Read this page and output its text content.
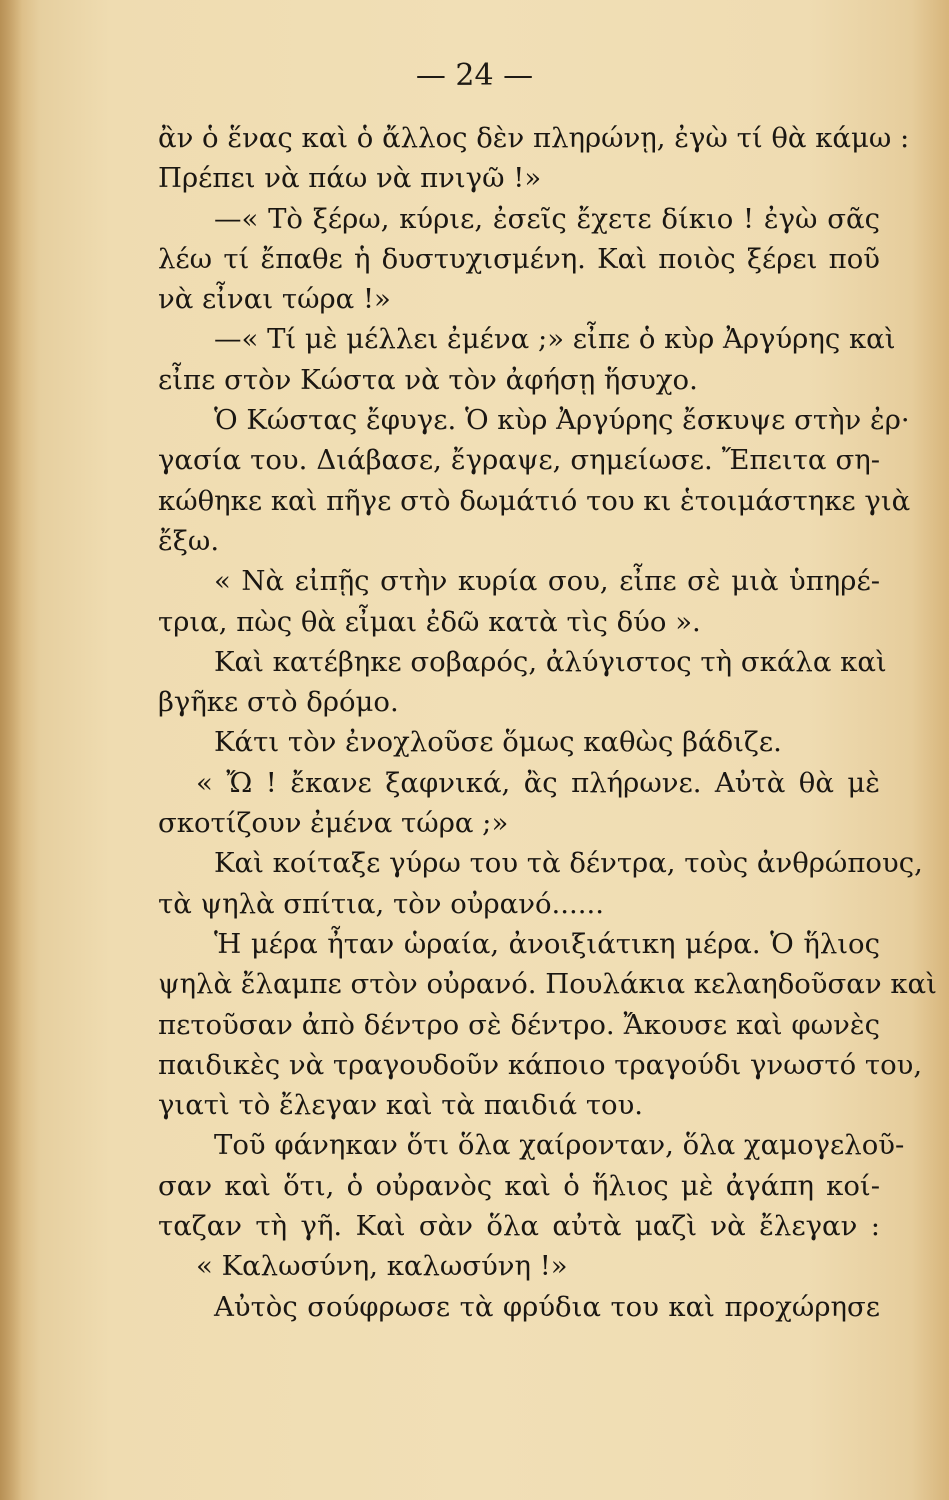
— 24 —
ἂν ὁ ἕνας καὶ ὁ ἄλλος δὲν πληρώνῃ, ἐγὼ τί θὰ κάμω :
Πρέπει νὰ πάω νὰ πνιγῶ !»
—« Τὸ ξέρω, κύριε, ἐσεῖς ἔχετε δίκιο ! ἐγὼ σᾶς
λέω τί ἔπαθε ἡ δυστυχισμένη. Καὶ ποιὸς ξέρει ποῦ
νὰ εἶναι τώρα !»
—« Τί μὲ μέλλει ἐμένα ;» εἶπε ὁ κὺρ Ἀργύρης καὶ
εἶπε στὸν Κώστα νὰ τὸν ἀφήσῃ ἥσυχο.
Ὁ Κώστας ἔφυγε. Ὁ κὺρ Ἀργύρης ἔσκυψε στὴν ἐρ·
γασία του. Διάβασε, ἔγραψε, σημείωσε. Ἔπειτα ση-
κώθηκε καὶ πῆγε στὸ δωμάτιό του κι ἑτοιμάστηκε γιὰ
ἔξω.
« Νὰ εἰπῇς στὴν κυρία σου, εἶπε σὲ μιὰ ὑπηρέ-
τρια, πὼς θὰ εἶμαι ἐδῶ κατὰ τὶς δύο ».
Καὶ κατέβηκε σοβαρός, ἀλύγιστος τὴ σκάλα καὶ
βγῆκε στὸ δρόμο.
Κάτι τὸν ἐνοχλοῦσε ὅμως καθὼς βάδιζε.
« Ὤ ! ἔκανε ξαφνικά, ἂς πλήρωνε. Αὐτὰ θὰ μὲ
σκοτίζουν ἐμένα τώρα ;»
Καὶ κοίταξε γύρω του τὰ δέντρα, τοὺς ἀνθρώπους,
τὰ ψηλὰ σπίτια, τὸν οὐρανό......
Ἡ μέρα ἦταν ὡραία, ἀνοιξιάτικη μέρα. Ὁ ἥλιος
ψηλὰ ἔλαμπε στὸν οὐρανό. Πουλάκια κελαηδοῦσαν καὶ
πετοῦσαν ἀπὸ δέντρο σὲ δέντρο. Ἄκουσε καὶ φωνὲς
παιδικὲς νὰ τραγουδοῦν κάποιο τραγούδι γνωστό του,
γιατὶ τὸ ἔλεγαν καὶ τὰ παιδιά του.
Τοῦ φάνηκαν ὅτι ὅλα χαίρονταν, ὅλα χαμογελοῦ-
σαν καὶ ὅτι, ὁ οὐρανὸς καὶ ὁ ἥλιος μὲ ἀγάπη κοί-
ταζαν τὴ γῆ. Καὶ σὰν ὅλα αὐτὰ μαζὶ νὰ ἔλεγαν :
« Καλωσύνη, καλωσύνη !»
Αὐτὸς σούφρωσε τὰ φρύδια του καὶ προχώρησε
